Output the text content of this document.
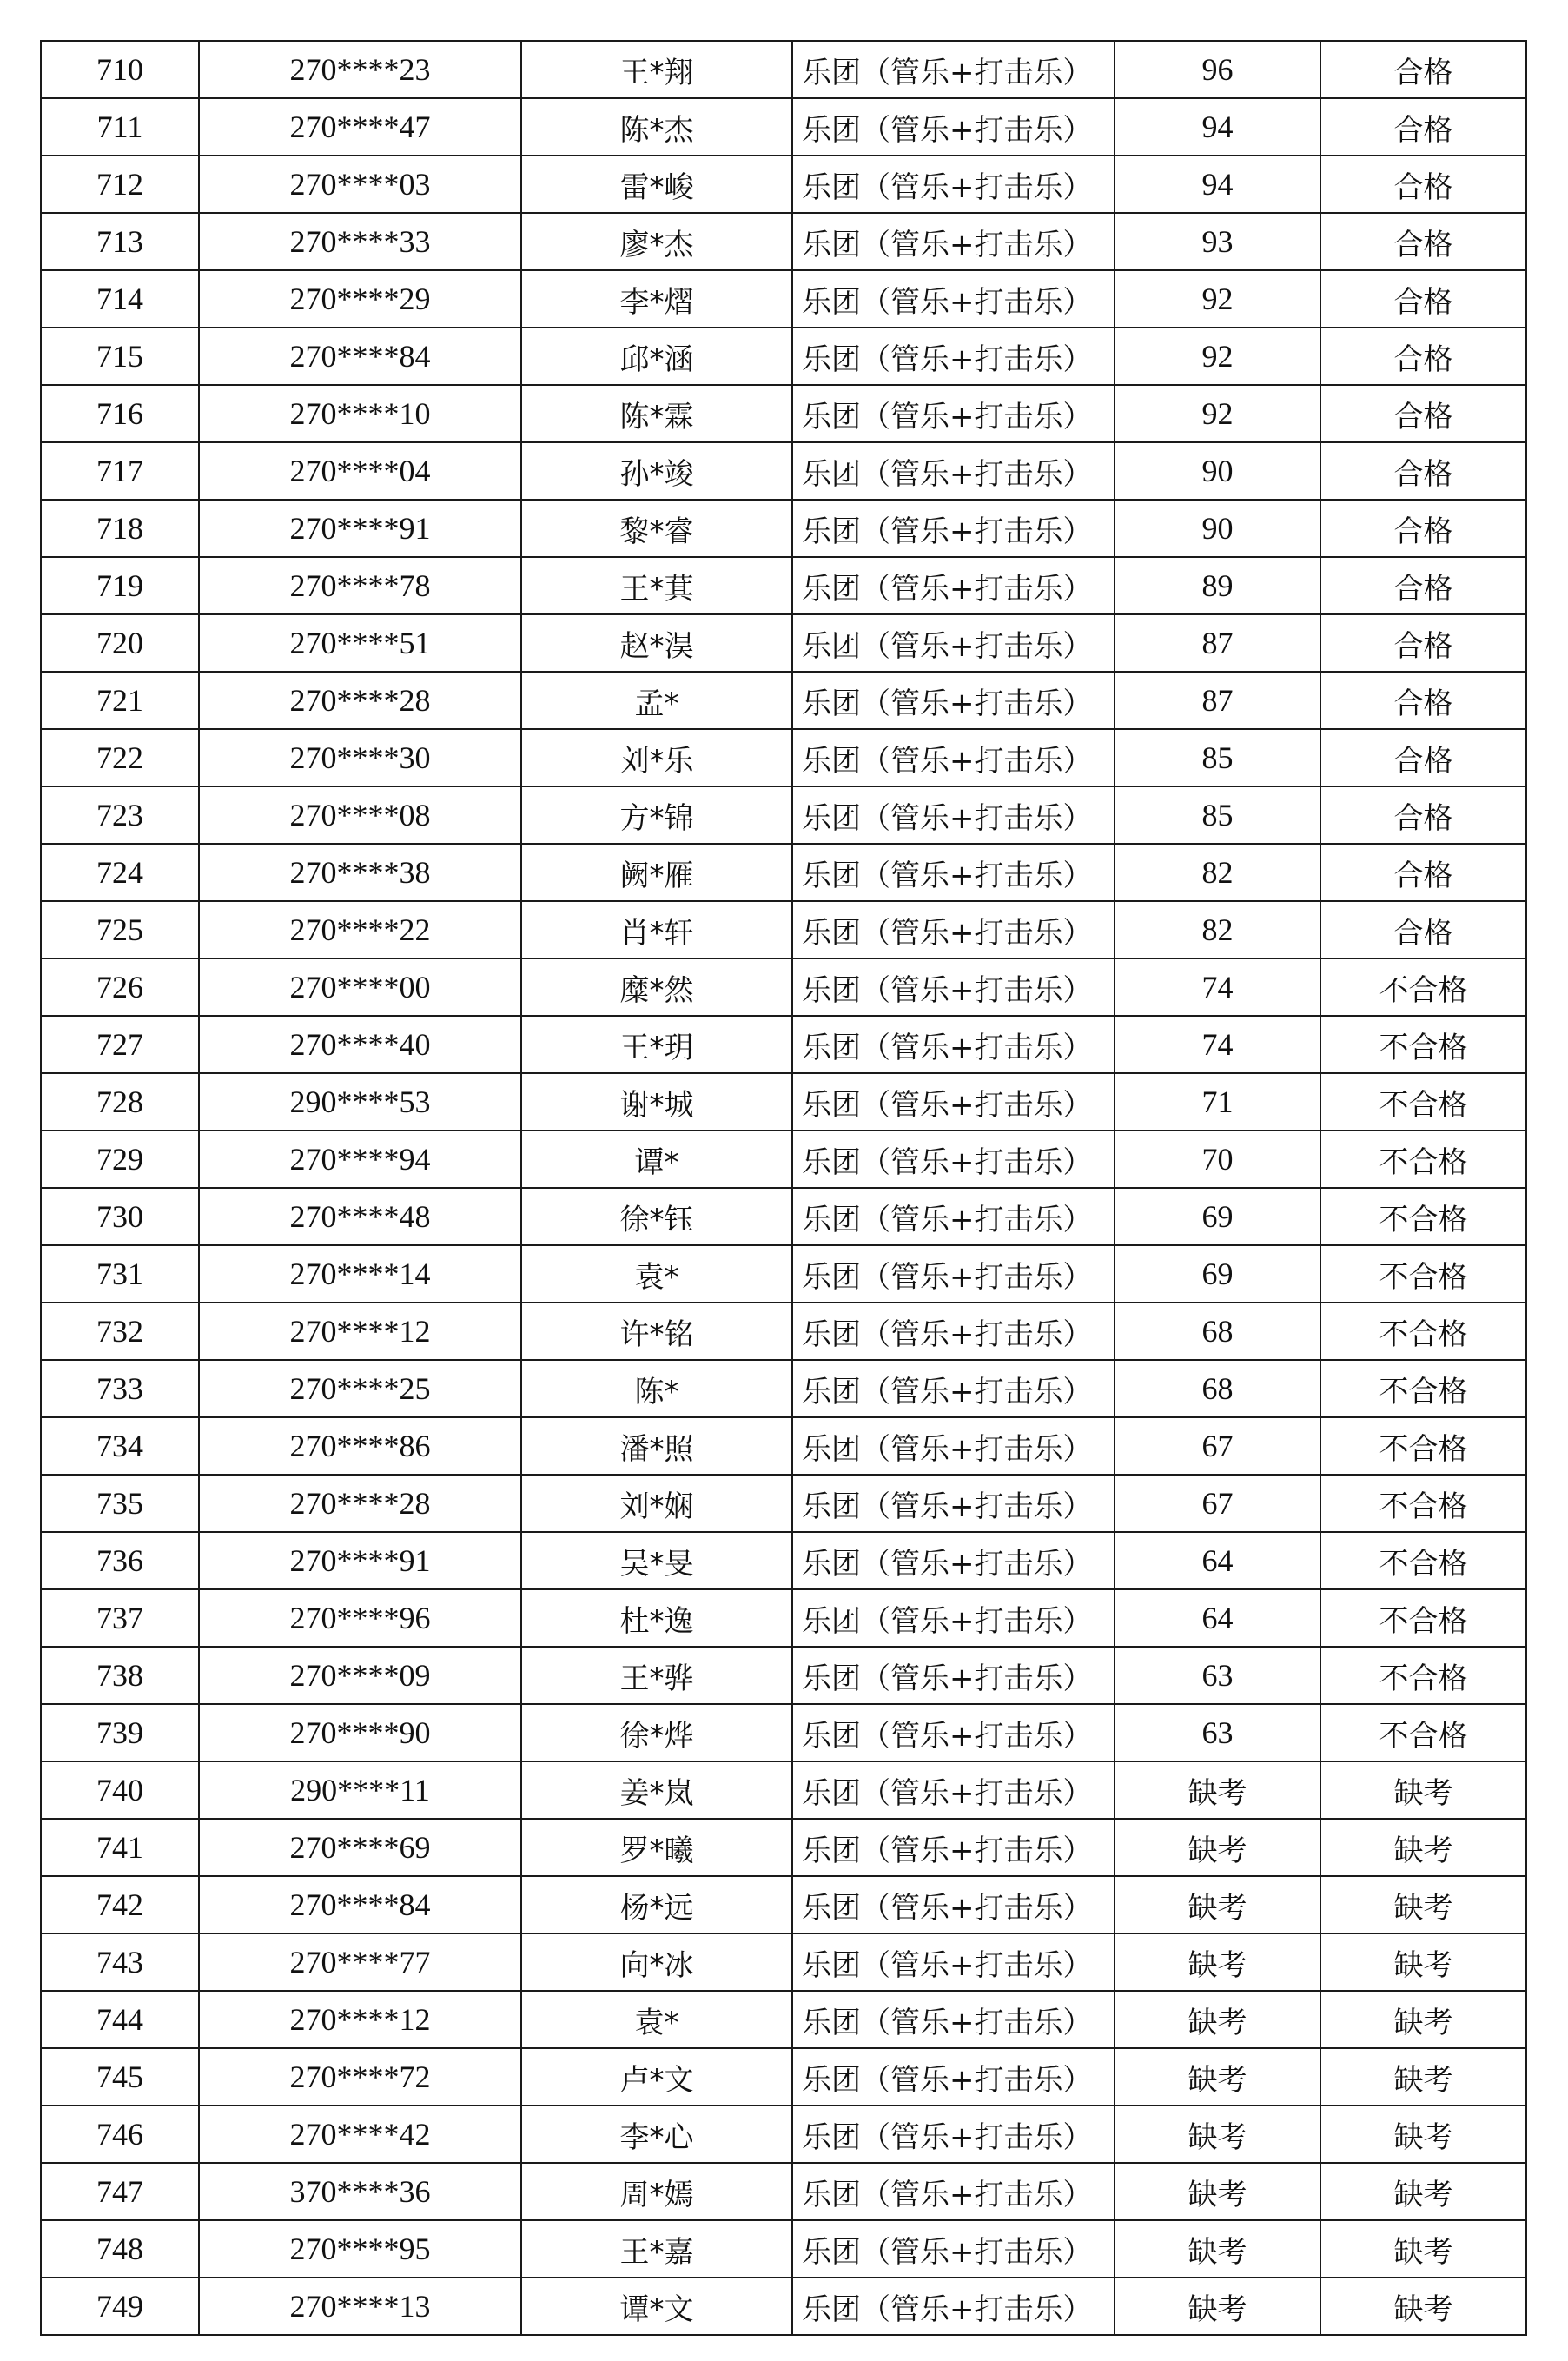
710	270****23	王*翔	乐团（管乐+打击乐）	96	合格
711	270****47	陈*杰	乐团（管乐+打击乐）	94	合格
712	270****03	雷*峻	乐团（管乐+打击乐）	94	合格
713	270****33	廖*杰	乐团（管乐+打击乐）	93	合格
714	270****29	李*熠	乐团（管乐+打击乐）	92	合格
715	270****84	邱*涵	乐团（管乐+打击乐）	92	合格
716	270****10	陈*霖	乐团（管乐+打击乐）	92	合格
717	270****04	孙*竣	乐团（管乐+打击乐）	90	合格
718	270****91	黎*睿	乐团（管乐+打击乐）	90	合格
719	270****78	王*萁	乐团（管乐+打击乐）	89	合格
720	270****51	赵*淏	乐团（管乐+打击乐）	87	合格
721	270****28	孟*	乐团（管乐+打击乐）	87	合格
722	270****30	刘*乐	乐团（管乐+打击乐）	85	合格
723	270****08	方*锦	乐团（管乐+打击乐）	85	合格
724	270****38	阙*雁	乐团（管乐+打击乐）	82	合格
725	270****22	肖*轩	乐团（管乐+打击乐）	82	合格
726	270****00	糜*然	乐团（管乐+打击乐）	74	不合格
727	270****40	王*玥	乐团（管乐+打击乐）	74	不合格
728	290****53	谢*城	乐团（管乐+打击乐）	71	不合格
729	270****94	谭*	乐团（管乐+打击乐）	70	不合格
730	270****48	徐*钰	乐团（管乐+打击乐）	69	不合格
731	270****14	袁*	乐团（管乐+打击乐）	69	不合格
732	270****12	许*铭	乐团（管乐+打击乐）	68	不合格
733	270****25	陈*	乐团（管乐+打击乐）	68	不合格
734	270****86	潘*照	乐团（管乐+打击乐）	67	不合格
735	270****28	刘*娴	乐团（管乐+打击乐）	67	不合格
736	270****91	吴*旻	乐团（管乐+打击乐）	64	不合格
737	270****96	杜*逸	乐团（管乐+打击乐）	64	不合格
738	270****09	王*骅	乐团（管乐+打击乐）	63	不合格
739	270****90	徐*烨	乐团（管乐+打击乐）	63	不合格
740	290****11	姜*岚	乐团（管乐+打击乐）	缺考	缺考
741	270****69	罗*曦	乐团（管乐+打击乐）	缺考	缺考
742	270****84	杨*远	乐团（管乐+打击乐）	缺考	缺考
743	270****77	向*冰	乐团（管乐+打击乐）	缺考	缺考
744	270****12	袁*	乐团（管乐+打击乐）	缺考	缺考
745	270****72	卢*文	乐团（管乐+打击乐）	缺考	缺考
746	270****42	李*心	乐团（管乐+打击乐）	缺考	缺考
747	370****36	周*嫣	乐团（管乐+打击乐）	缺考	缺考
748	270****95	王*嘉	乐团（管乐+打击乐）	缺考	缺考
749	270****13	谭*文	乐团（管乐+打击乐）	缺考	缺考
